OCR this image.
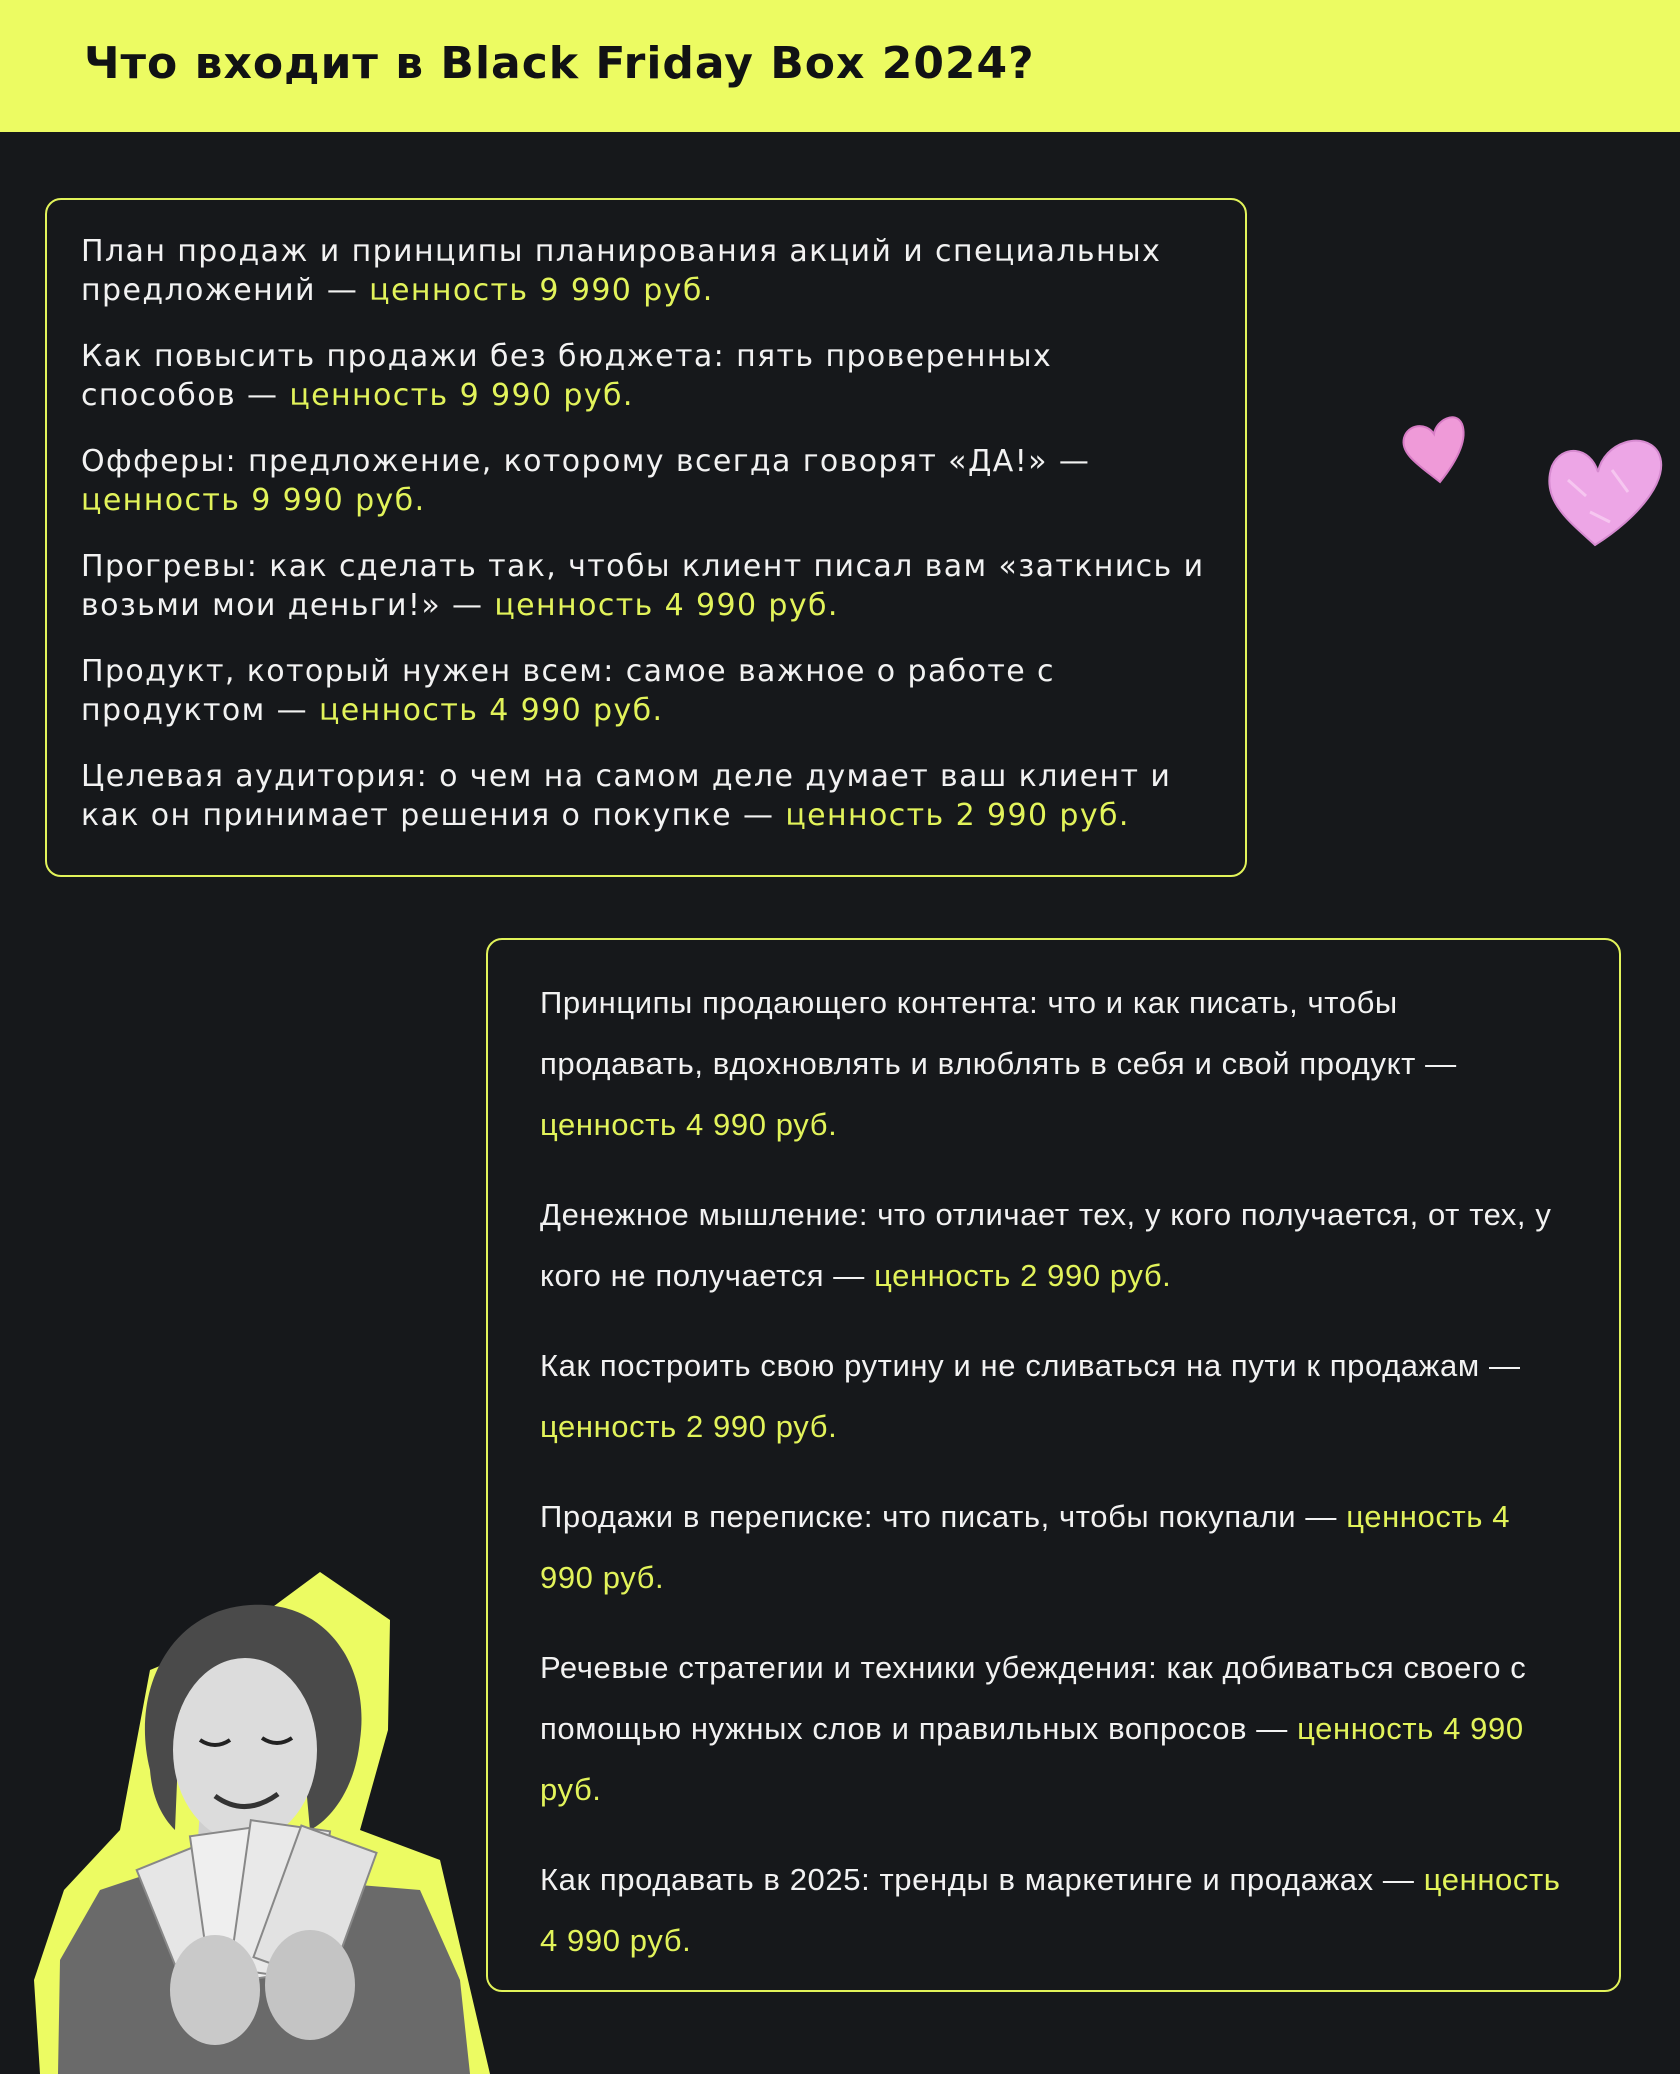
Что входит в Black Friday Box 2024?

План продаж и принципы планирования акций и специальных предложений — ценность 9 990 руб.

Как повысить продажи без бюджета: пять проверенных способов — ценность 9 990 руб.

Офферы: предложение, которому всегда говорят «ДА!» — ценность 9 990 руб.

Прогревы: как сделать так, чтобы клиент писал вам «заткнись и возьми мои деньги!» — ценность 4 990 руб.

Продукт, который нужен всем: самое важное о работе с продуктом — ценность 4 990 руб.

Целевая аудитория: о чем на самом деле думает ваш клиент и как он принимает решения о покупке — ценность 2 990 руб.

Принципы продающего контента: что и как писать, чтобы продавать, вдохновлять и влюблять в себя и свой продукт — ценность 4 990 руб.

Денежное мышление: что отличает тех, у кого получается, от тех, у кого не получается — ценность 2 990 руб.

Как построить свою рутину и не сливаться на пути к продажам — ценность 2 990 руб.

Продажи в переписке: что писать, чтобы покупали — ценность 4 990 руб.

Речевые стратегии и техники убеждения: как добиваться своего с помощью нужных слов и правильных вопросов — ценность 4 990 руб.

Как продавать в 2025: тренды в маркетинге и продажах — ценность 4 990 руб.
